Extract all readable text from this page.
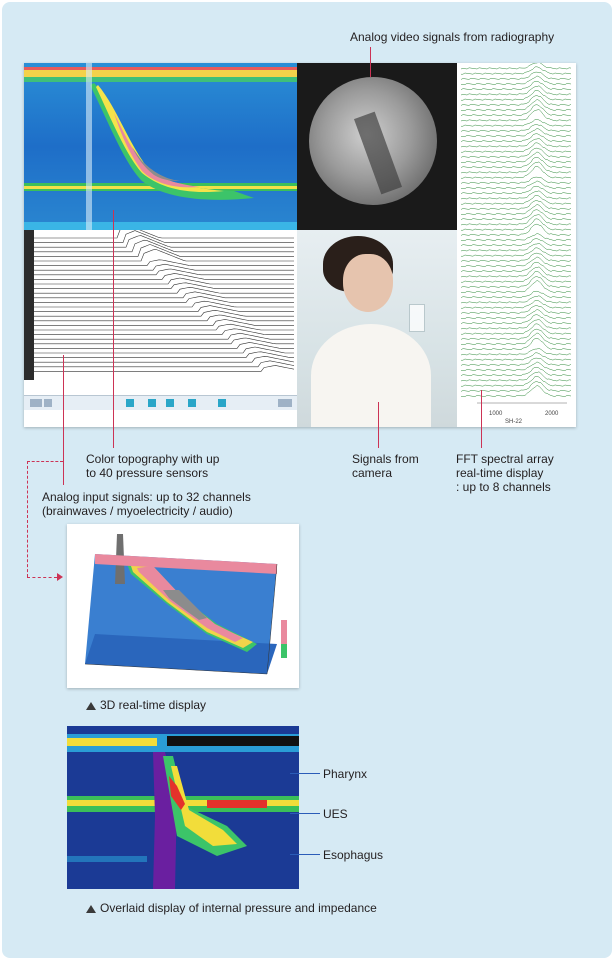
1000	2000
SH-22
Analog video signals from radiography
Color topography with up
to 40 pressure sensors
Signals from
camera
FFT spectral array
real-time display
: up to 8 channels
Analog input signals: up to 32 channels
(brainwaves / myoelectricity / audio)
3D real-time display
Pharynx
UES
Esophagus
Overlaid display of internal pressure and impedance
